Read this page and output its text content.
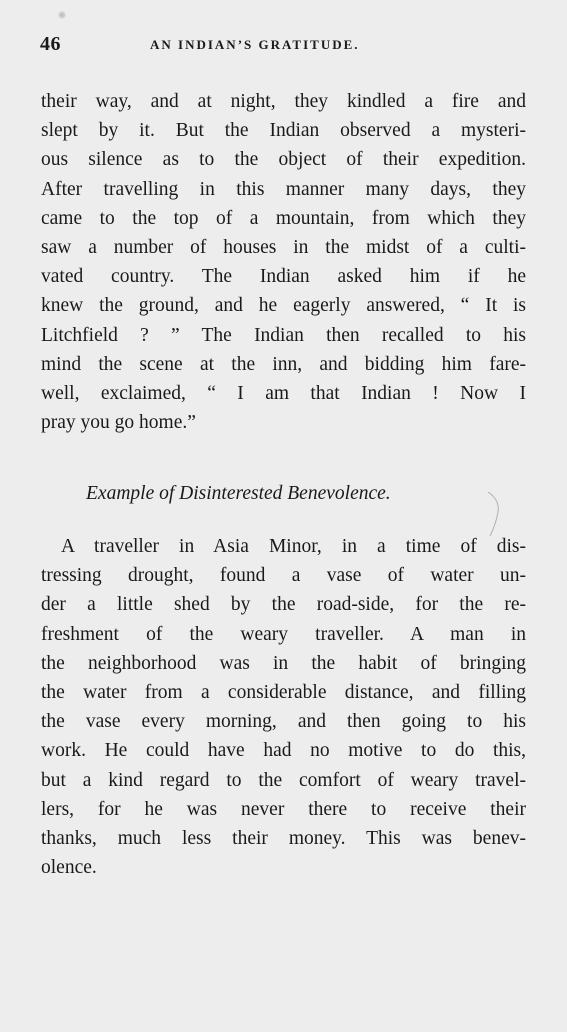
46	AN INDIAN’S GRATITUDE.

their way, and at night, they kindled a fire and
slept by it. But the Indian observed a mysteri-
ous silence as to the object of their expedition.
After travelling in this manner many days, they
came to the top of a mountain, from which they
saw a number of houses in the midst of a culti-
vated country. The Indian asked him if he
knew the ground, and he eagerly answered, “ It is
Litchfield ? ” The Indian then recalled to his
mind the scene at the inn, and bidding him fare-
well, exclaimed, “ I am that Indian ! Now I
pray you go home.”

Example of Disinterested Benevolence.

A traveller in Asia Minor, in a time of dis-
tressing drought, found a vase of water un-
der a little shed by the road-side, for the re-
freshment of the weary traveller. A man in
the neighborhood was in the habit of bringing
the water from a considerable distance, and filling
the vase every morning, and then going to his
work. He could have had no motive to do this,
but a kind regard to the comfort of weary travel-
lers, for he was never there to receive their
thanks, much less their money. This was benev-
olence.
